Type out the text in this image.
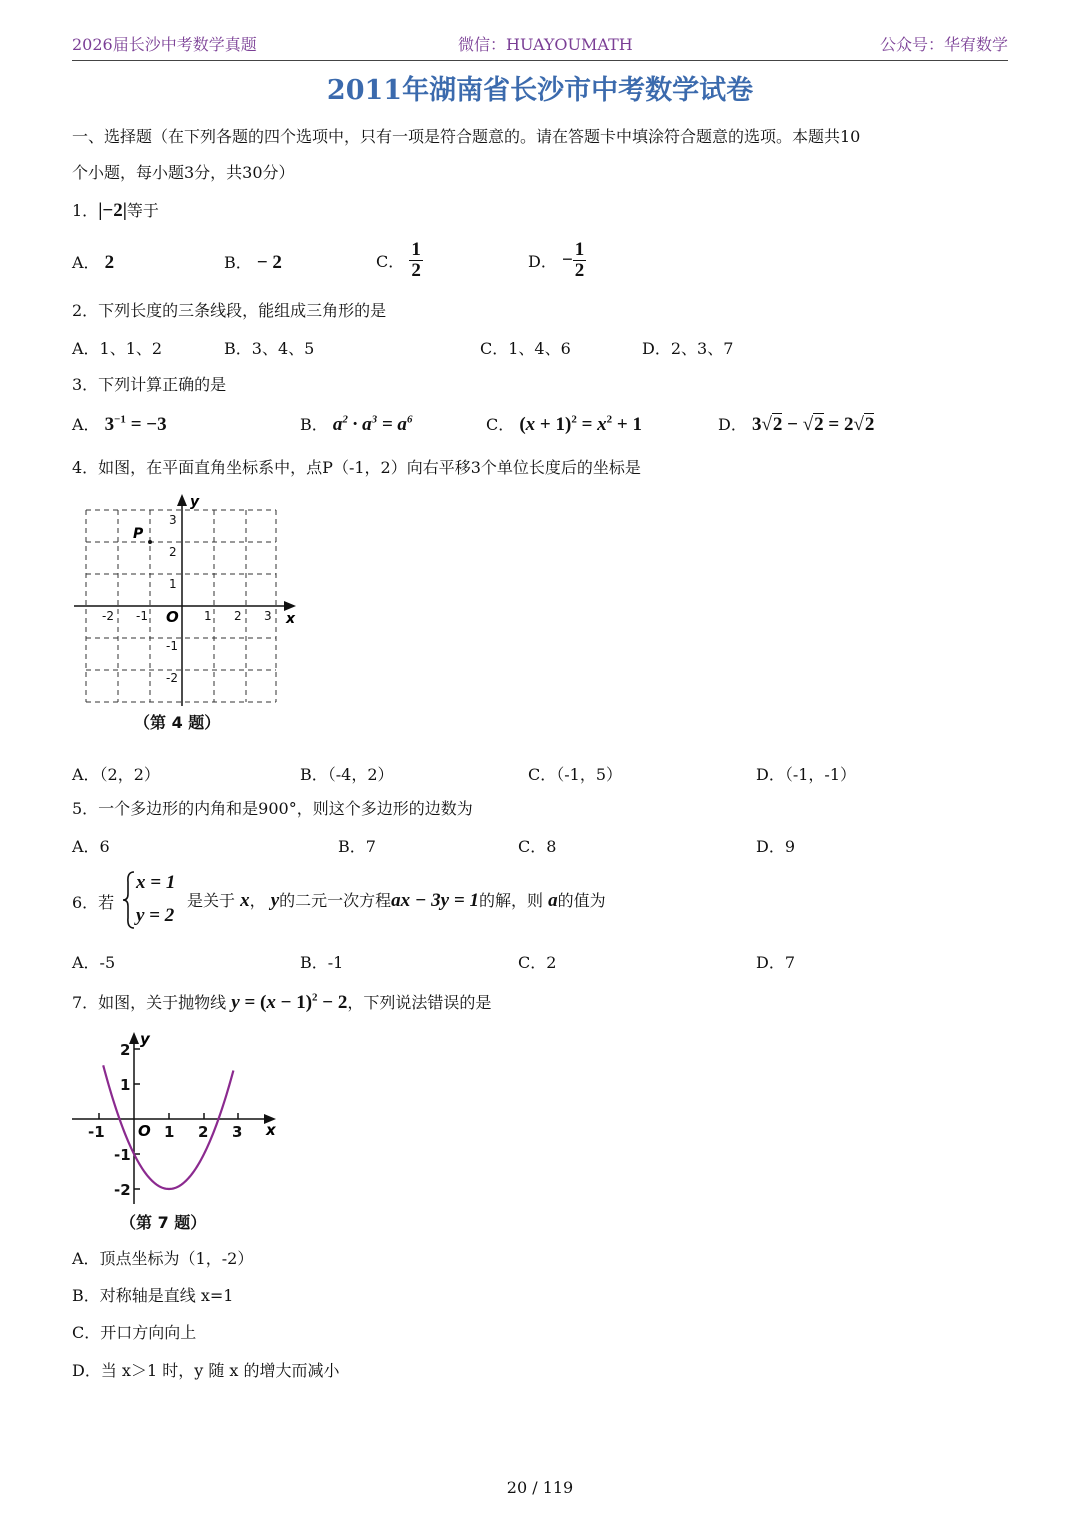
2026届长沙中考数学真题	微信：HUAYOUMATH	公众号：华宥数学
2011年湖南省长沙市中考数学试卷
一、选择题（在下列各题的四个选项中，只有一项是符合题意的。请在答题卡中填涂符合题意的选项。本题共10
个小题，每小题3分，共30分）
1．|−2|等于
A． 2	B． − 2	C． $\frac{1}{2}$	D． − $\frac{1}{2}$
2．下列长度的三条线段，能组成三角形的是
A．1、1、2	B．3、4、5	C．1、4、6	D．2、3、7
3．下列计算正确的是
A． $3^{-1} = -3$	B． $a^2 \cdot a^3 = a^6$	C． $(x + 1)^2 = x^2 + 1$	D． 3√2 − √2 = 2√2
4．如图，在平面直角坐标系中，点P（-1，2）向右平移3个单位长度后的坐标是
-2 -1	1 2 3
3
2
1
-1
-2
O	x
y
P
（第 4 题）
A．（2，2）	B．（-4，2）	C．（-1，5）	D．（-1，-1）
5．一个多边形的内角和是900°，则这个多边形的边数为
A．6	B．7	C．8	D．9
6．若
x = 1
y = 2
是关于 x， y的二元一次方程ax − 3y = 1的解，则 a的值为
A．-5	B．-1	C．2	D．7
7．如图，关于抛物线 $y = (x - 1)^2 - 2$，下列说法错误的是
-1	1 2 3
2
1
-1
-2
O	x
y
（第 7 题）
A．顶点坐标为（1，-2）
B．对称轴是直线 x=1
C．开口方向向上
D．当 x＞1 时，y 随 x 的增大而减小
20 / 119
